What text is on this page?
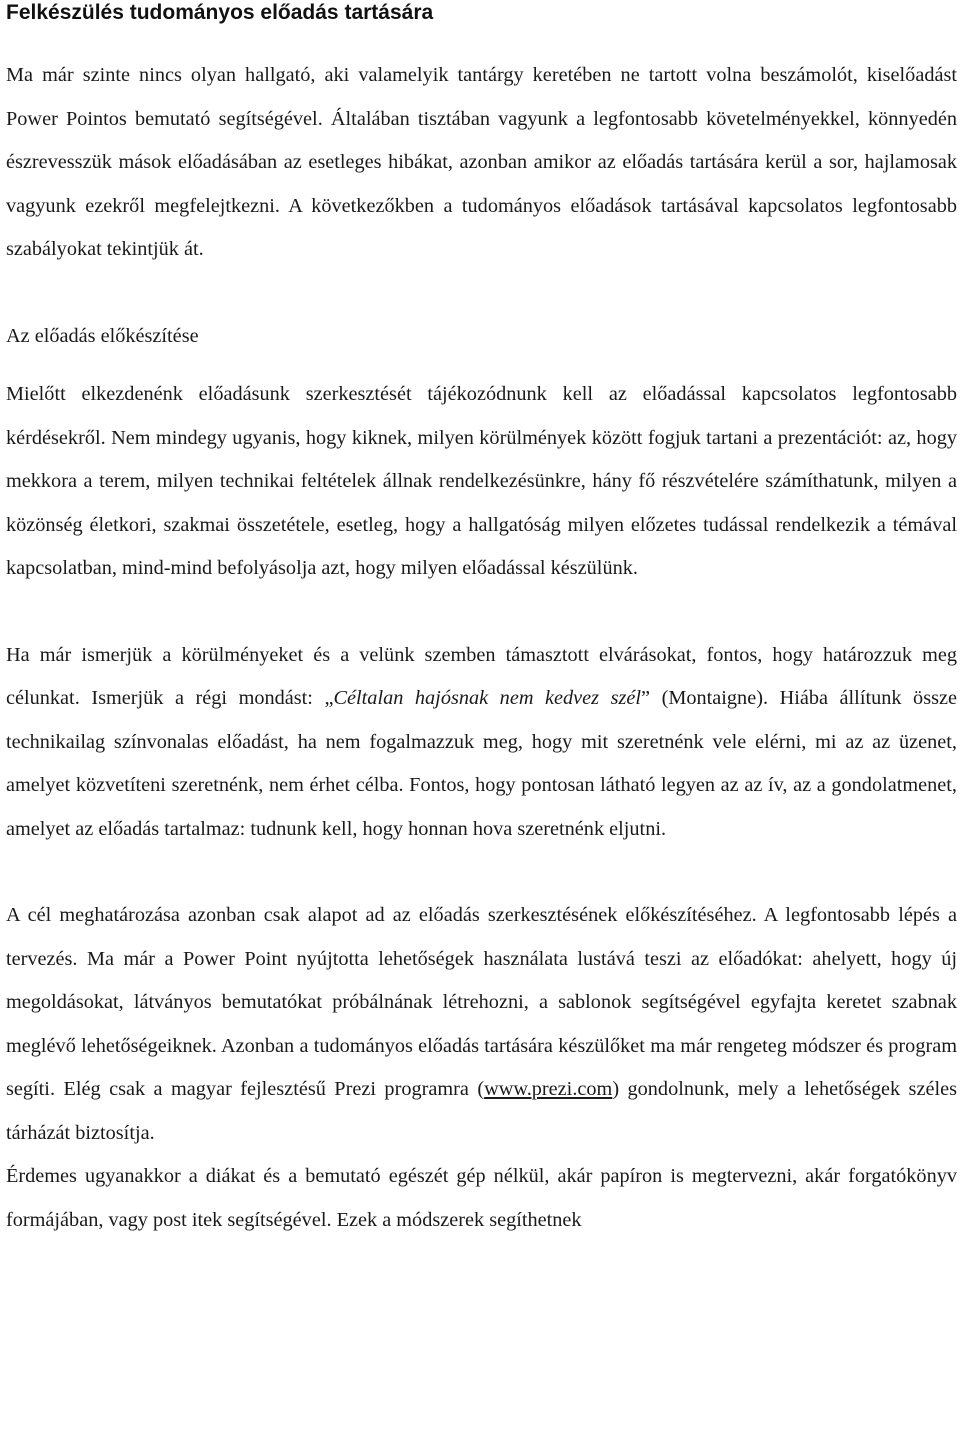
Felkészülés tudományos előadás tartására

Ma már szinte nincs olyan hallgató, aki valamelyik tantárgy keretében ne tartott volna beszámolót, kiselőadást Power Pointos bemutató segítségével. Általában tisztában vagyunk a legfontosabb követelményekkel, könnyedén észrevesszük mások előadásában az esetleges hibákat, azonban amikor az előadás tartására kerül a sor, hajlamosak vagyunk ezekről megfelejtkezni. A következőkben a tudományos előadások tartásával kapcsolatos legfontosabb szabályokat tekintjük át.

Az előadás előkészítése

Mielőtt elkezdenénk előadásunk szerkesztését tájékozódnunk kell az előadással kapcsolatos legfontosabb kérdésekről. Nem mindegy ugyanis, hogy kiknek, milyen körülmények között fogjuk tartani a prezentációt: az, hogy mekkora a terem, milyen technikai feltételek állnak rendelkezésünkre, hány fő részvételére számíthatunk, milyen a közönség életkori, szakmai összetétele, esetleg, hogy a hallgatóság milyen előzetes tudással rendelkezik a témával kapcsolatban, mind-mind befolyásolja azt, hogy milyen előadással készülünk.

Ha már ismerjük a körülményeket és a velünk szemben támasztott elvárásokat, fontos, hogy határozzuk meg célunkat. Ismerjük a régi mondást: „Céltalan hajósnak nem kedvez szél” (Montaigne). Hiába állítunk össze technikailag színvonalas előadást, ha nem fogalmazzuk meg, hogy mit szeretnénk vele elérni, mi az az üzenet, amelyet közvetíteni szeretnénk, nem érhet célba. Fontos, hogy pontosan látható legyen az az ív, az a gondolatmenet, amelyet az előadás tartalmaz: tudnunk kell, hogy honnan hova szeretnénk eljutni.

A cél meghatározása azonban csak alapot ad az előadás szerkesztésének előkészítéséhez. A legfontosabb lépés a tervezés. Ma már a Power Point nyújtotta lehetőségek használata lustává teszi az előadókat: ahelyett, hogy új megoldásokat, látványos bemutatókat próbálnának létrehozni, a sablonok segítségével egyfajta keretet szabnak meglévő lehetőségeiknek. Azonban a tudományos előadás tartására készülőket ma már rengeteg módszer és program segíti. Elég csak a magyar fejlesztésű Prezi programra (www.prezi.com) gondolnunk, mely a lehetőségek széles tárházát biztosítja.

Érdemes ugyanakkor a diákat és a bemutató egészét gép nélkül, akár papíron is megtervezni, akár forgatókönyv formájában, vagy post itek segítségével. Ezek a módszerek segíthetnek
